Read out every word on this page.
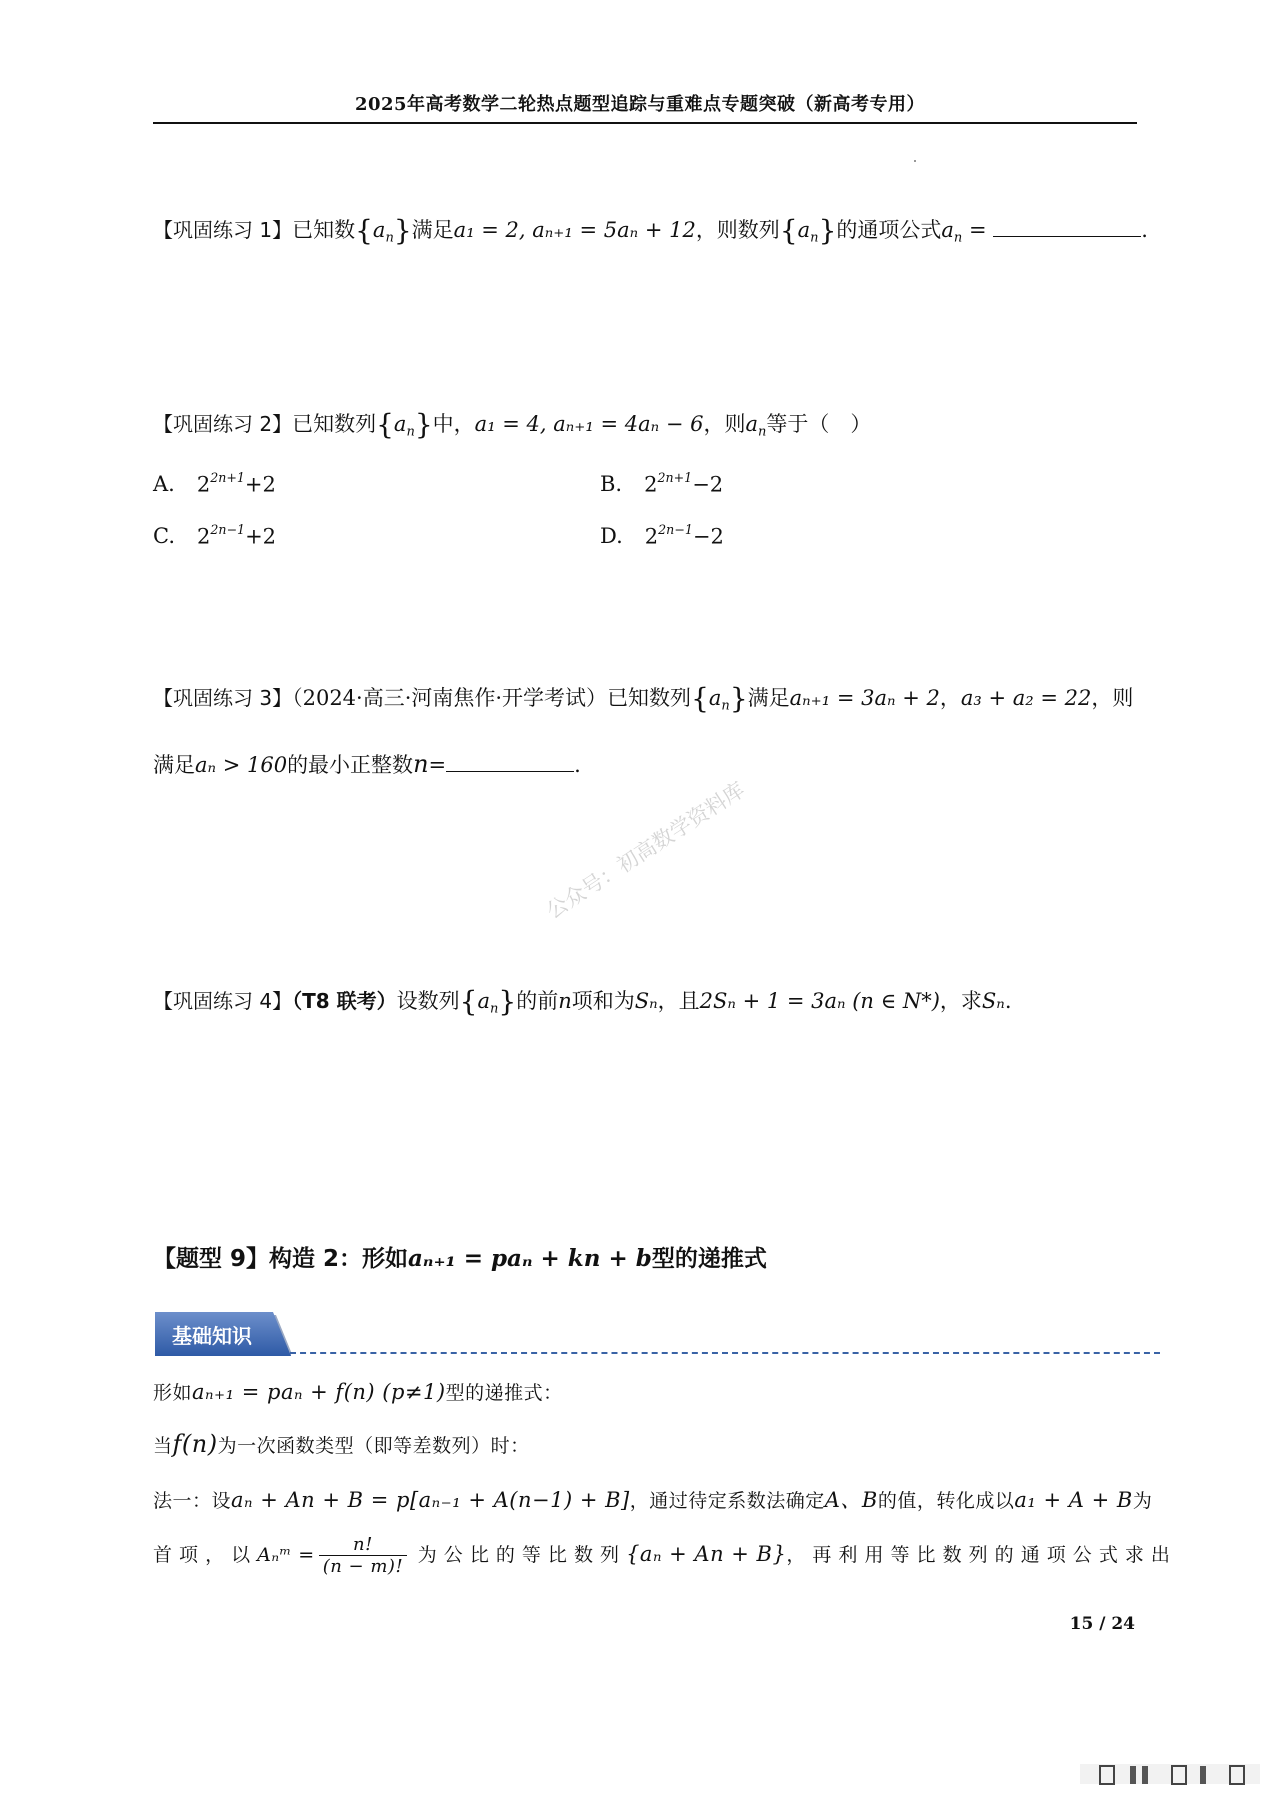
2025年高考数学二轮热点题型追踪与重难点专题突破（新高考专用）
公众号：初高数学资料库
【巩固练习 1】已知数$\{a_n\}$满足a₁ = 2, aₙ₊₁ = 5aₙ + 12，则数列$\{a_n\}$的通项公式$a_n$ =	.
【巩固练习 2】已知数列$\{a_n\}$中，a₁ = 4, aₙ₊₁ = 4aₙ − 6，则$a_n$等于（　）
A. $2^{2n+1}+2$	B. $2^{2n+1}-2$
C. $2^{2n-1}+2$	D. $2^{2n-1}-2$
【巩固练习 3】（2024·高三·河南焦作·开学考试）已知数列$\{a_n\}$满足aₙ₊₁ = 3aₙ + 2，a₃ + a₂ = 22，则
满足aₙ > 160的最小正整数n=	.
【巩固练习 4】（T8 联考）设数列$\{a_n\}$的前n项和为Sₙ，且2Sₙ + 1 = 3aₙ (n ∈ N*)，求Sₙ.
【题型 9】构造 2：形如aₙ₊₁ = paₙ + kn + b型的递推式
基础知识
形如aₙ₊₁ = paₙ + f(n) (p≠1)型的递推式：
当f(n)为一次函数类型（即等差数列）时：
法一：设aₙ + An + B = p[aₙ₋₁ + A(n−1) + B]，通过待定系数法确定A、B的值，转化成以a₁ + A + B为
首 项 ， 以 Aₙᵐ = $\frac{n!}{(n - m)!}$ 为 公 比 的 等 比 数 列 {aₙ + An + B}， 再 利 用 等 比 数 列 的 通 项 公 式 求 出
15 / 24
